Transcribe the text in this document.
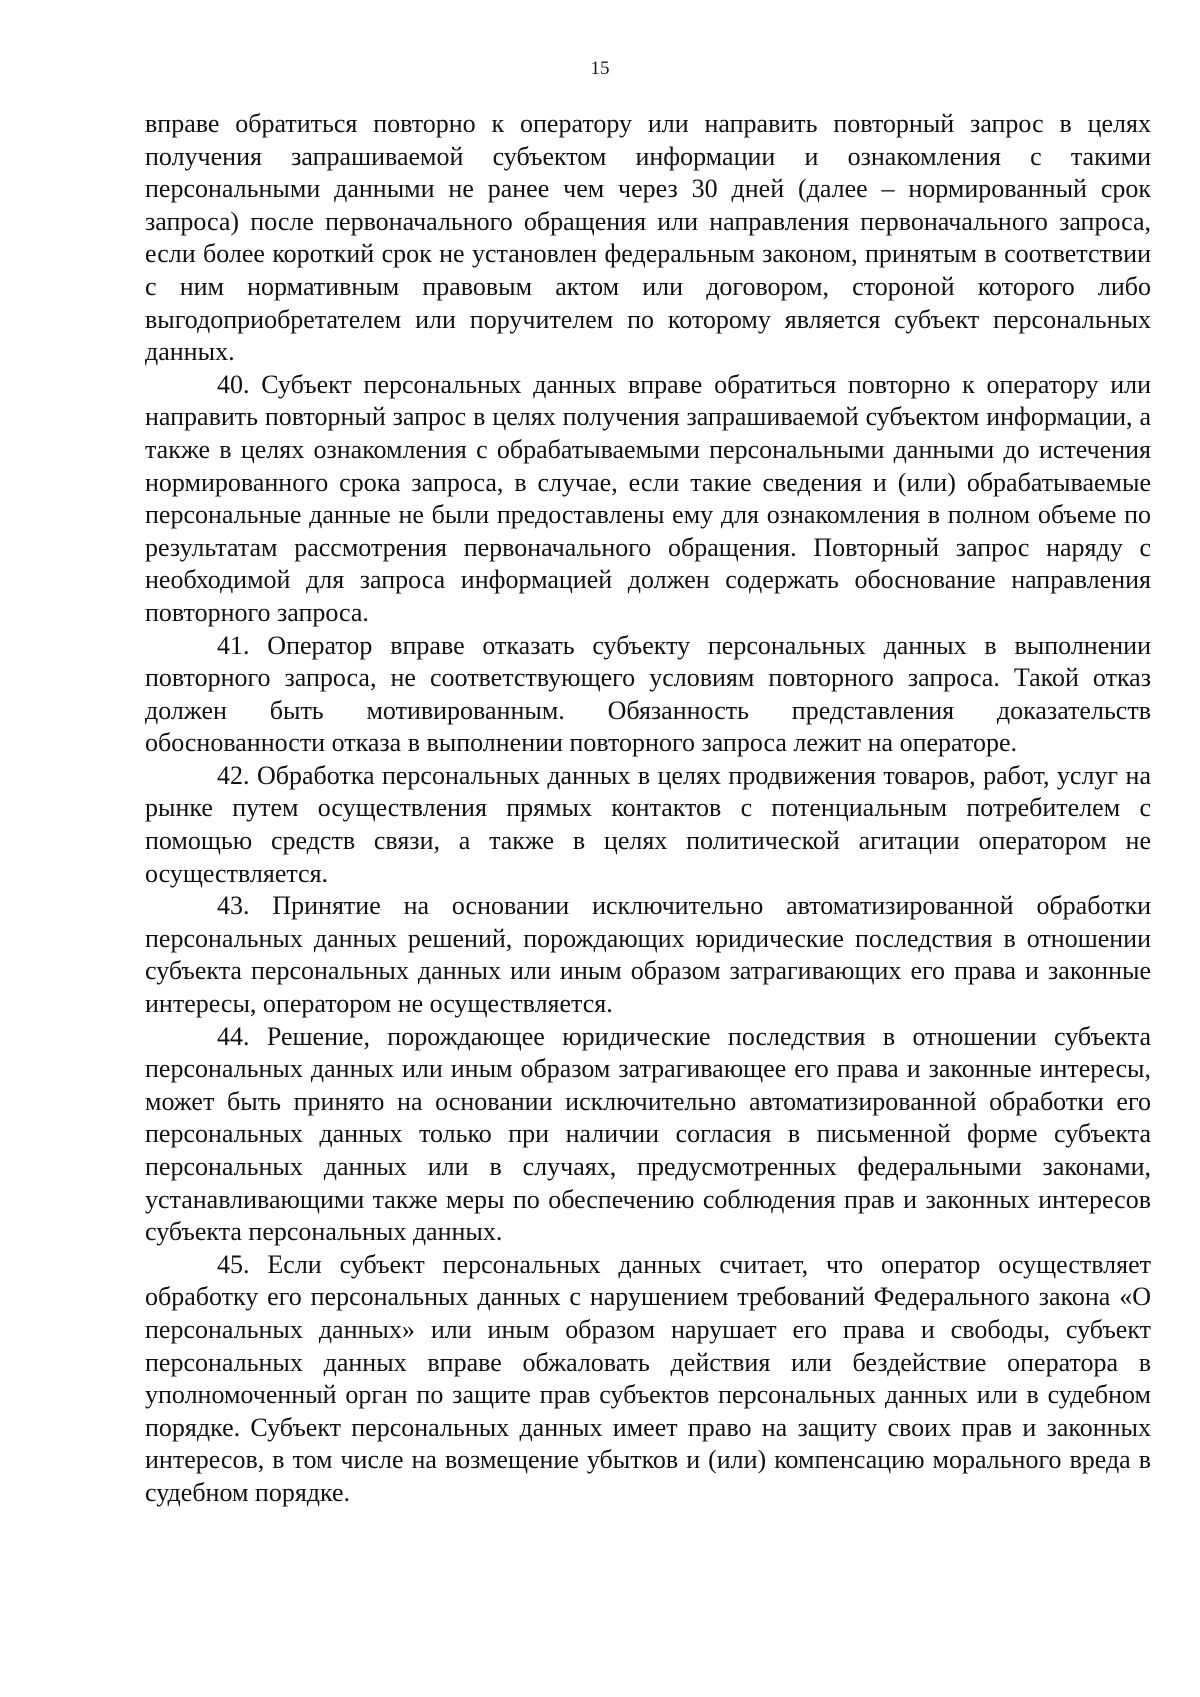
15

вправе обратиться повторно к оператору или направить повторный запрос в целях получения запрашиваемой субъектом информации и ознакомления с такими персональными данными не ранее чем через 30 дней (далее – нормированный срок запроса) после первоначального обращения или направления первоначального запроса, если более короткий срок не установлен федеральным законом, принятым в соответствии с ним нормативным правовым актом или договором, стороной которого либо выгодоприобретателем или поручителем по которому является субъект персональных данных.

40. Субъект персональных данных вправе обратиться повторно к оператору или направить повторный запрос в целях получения запрашиваемой субъектом информации, а также в целях ознакомления с обрабатываемыми персональными данными до истечения нормированного срока запроса, в случае, если такие сведения и (или) обрабатываемые персональные данные не были предоставлены ему для ознакомления в полном объеме по результатам рассмотрения первоначального обращения. Повторный запрос наряду с необходимой для запроса информацией должен содержать обоснование направления повторного запроса.

41. Оператор вправе отказать субъекту персональных данных в выполнении повторного запроса, не соответствующего условиям повторного запроса. Такой отказ должен быть мотивированным. Обязанность представления доказательств обоснованности отказа в выполнении повторного запроса лежит на операторе.

42. Обработка персональных данных в целях продвижения товаров, работ, услуг на рынке путем осуществления прямых контактов с потенциальным потребителем с помощью средств связи, а также в целях политической агитации оператором не осуществляется.

43. Принятие на основании исключительно автоматизированной обработки персональных данных решений, порождающих юридические последствия в отношении субъекта персональных данных или иным образом затрагивающих его права и законные интересы, оператором не осуществляется.

44. Решение, порождающее юридические последствия в отношении субъекта персональных данных или иным образом затрагивающее его права и законные интересы, может быть принято на основании исключительно автоматизированной обработки его персональных данных только при наличии согласия в письменной форме субъекта персональных данных или в случаях, предусмотренных федеральными законами, устанавливающими также меры по обеспечению соблюдения прав и законных интересов субъекта персональных данных.

45. Если субъект персональных данных считает, что оператор осуществляет обработку его персональных данных с нарушением требований Федерального закона «О персональных данных» или иным образом нарушает его права и свободы, субъект персональных данных вправе обжаловать действия или бездействие оператора в уполномоченный орган по защите прав субъектов персональных данных или в судебном порядке. Субъект персональных данных имеет право на защиту своих прав и законных интересов, в том числе на возмещение убытков и (или) компенсацию морального вреда в судебном порядке.
